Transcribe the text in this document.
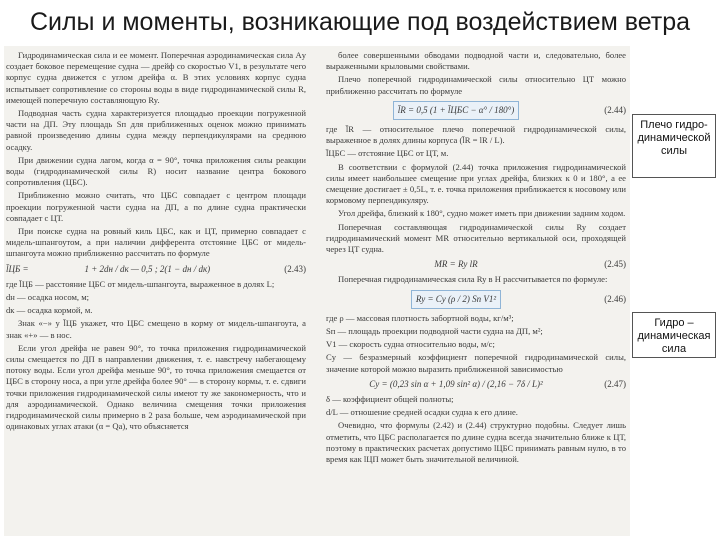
Силы и моменты, возникающие под воздействием ветра

Гидродинамическая сила и ее момент. Поперечная аэродинамическая сила Аy создает боковое перемещение судна — дрейф со скоростью V1, в результате чего корпус судна движется с углом дрейфа α. В этих условиях корпус судна испытывает сопротивление со стороны воды в виде гидродинамической силы R, имеющей поперечную составляющую Ry.

Подводная часть судна характеризуется площадью проекции погруженной части на ДП. Эту площадь Sп для приближенных оценок можно принимать равной произведению длины судна между перпендикулярами на среднюю осадку.

При движении судна лагом, когда α = 90°, точка приложения силы реакции воды (гидродинамической силы R) носит название центра бокового сопротивления (ЦБС).

Приближенно можно считать, что ЦБС совпадает с центром площади проекции погруженной части судна на ДП, а по длине судна практически совпадает с ЦТ.

При поиске судна на ровный киль ЦБС, как и ЦТ, примерно совпадает с мидель-шпангоутом, а при наличии дифферента отстояние ЦБС от мидель-шпангоута можно приближенно рассчитать по формуле

l̄ЦБ =	1 + 2dн / dк — 0,5 ; 2(1 − dн / dк)	(2.43)

где l̄ЦБ — расстояние ЦБС от мидель-шпангоута, выраженное в долях L;

dн — осадка носом, м;

dк — осадка кормой, м.

Знак «−» у l̄ЦБ укажет, что ЦБС смещено в корму от мидель-шпангоута, а знак «+» — в нос.

Если угол дрейфа не равен 90°, то точка приложения гидродинамической силы смещается по ДП в направлении движения, т. е. навстречу набегающему потоку воды. Если угол дрейфа меньше 90°, то точка приложения смещается от ЦБС в сторону носа, а при угле дрейфа более 90° — в сторону кормы, т. е. сдвиги точки приложения гидродинамической силы имеют ту же закономерность, что и для аэродинамической. Однако величина смещения точки приложения гидродинамической силы примерно в 2 раза больше, чем аэродинамической при одинаковых углах атаки (α = Qа), что объясняется

более совершенными обводами подводной части и, следовательно, более выраженными крыловыми свойствами.

Плечо поперечной гидродинамической силы относительно ЦТ можно приближенно рассчитать по формуле

l̄R = 0,5 (1 + l̄ЦБС − α° / 180°)	(2.44)

где l̄R — относительное плечо поперечной гидродинамической силы, выраженное в долях длины корпуса (l̄R = lR / L).

l̄ЦБС — отстояние ЦБС от ЦТ, м.

В соответствии с формулой (2.44) точка приложения гидродинамической силы имеет наибольшее смещение при углах дрейфа, близких к 0 и 180°, а ее смещение достигает ± 0,5L, т. е. точка приложения приближается к носовому или кормовому перпендикуляру.

Угол дрейфа, близкий к 180°, судно может иметь при движении задним ходом.

Поперечная составляющая гидродинамической силы Ry создает гидродинамический момент MR относительно вертикальной оси, проходящей через ЦТ судна.

MR = Ry lR	(2.45)

Поперечная гидродинамическая сила Ry в Н рассчитывается по формуле:

Ry = Cy (ρ / 2) Sп V1²	(2.46)

где ρ — массовая плотность забортной воды, кг/м³;

Sп — площадь проекции подводной части судна на ДП, м²;

V1 — скорость судна относительно воды, м/с;

Cy — безразмерный коэффициент поперечной гидродинамической силы, значение которой можно выразить приближенной зависимостью

Cy = (0,23 sin α + 1,09 sin² α) / (2,16 − 7δ / L)²	(2.47)

δ — коэффициент общей полноты;

d/L — отношение средней осадки судна к его длине.

Очевидно, что формулы (2.42) и (2.44) структурно подобны. Следует лишь отметить, что ЦБС располагается по длине судна всегда значительно ближе к ЦТ, поэтому в практических расчетах допустимо lЦБС принимать равным нулю, в то время как lЦП может быть значительной величиной.

Плечо гидро-динамической силы
Гидро – динамическая сила
